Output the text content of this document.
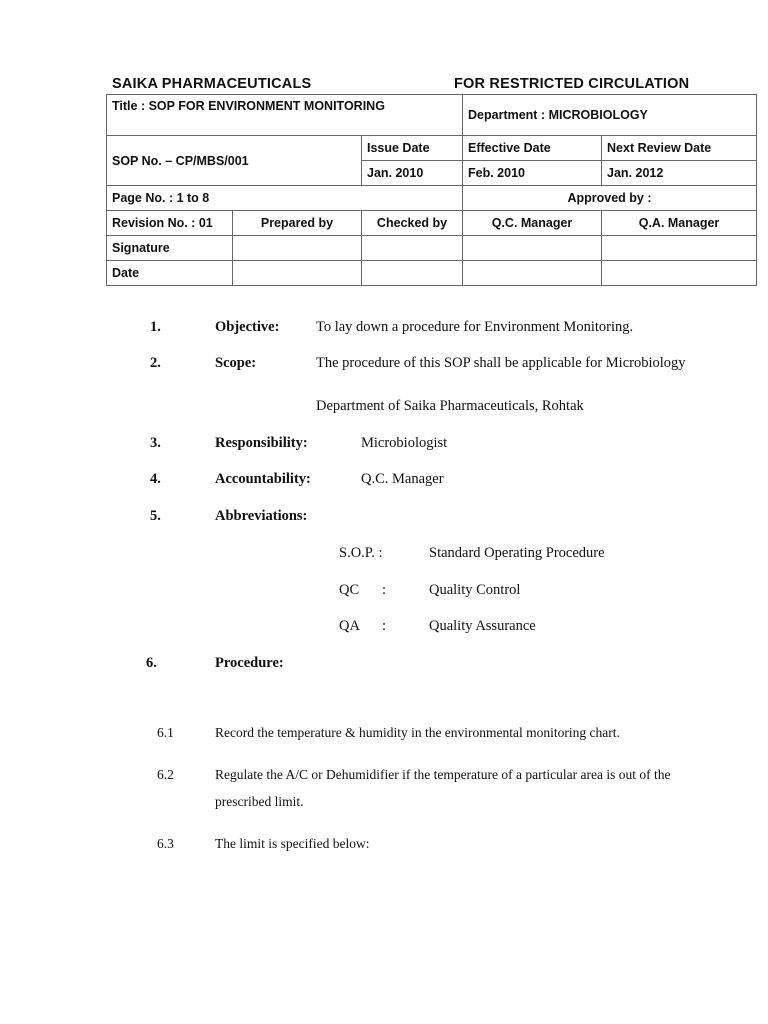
SAIKA PHARMACEUTICALS	FOR RESTRICTED CIRCULATION
Title : SOP FOR ENVIRONMENT MONITORING			Department : MICROBIOLOGY	
SOP No. – CP/MBS/001		Issue Date	Effective Date	Next Review Date
		Jan. 2010	Feb. 2010	Jan. 2012
Page No. : 1 to 8			Approved by :	
Revision No. : 01	Prepared by	Checked by	Q.C. Manager	Q.A. Manager
Signature				
Date				
1.	Objective:	To lay down a procedure for Environment Monitoring.
2.	Scope:	The procedure of this SOP shall be applicable for Microbiology
Department of Saika Pharmaceuticals, Rohtak
3.	Responsibility:	Microbiologist
4.	Accountability:	Q.C. Manager
5.	Abbreviations:
S.O.P. :	Standard Operating Procedure
QC :	Quality Control
QA :	Quality Assurance
6.	Procedure:
6.1	Record the temperature & humidity in the environmental monitoring chart.
6.2	Regulate the A/C or Dehumidifier if the temperature of a particular area is out of the
prescribed limit.
6.3	The limit is specified below:
